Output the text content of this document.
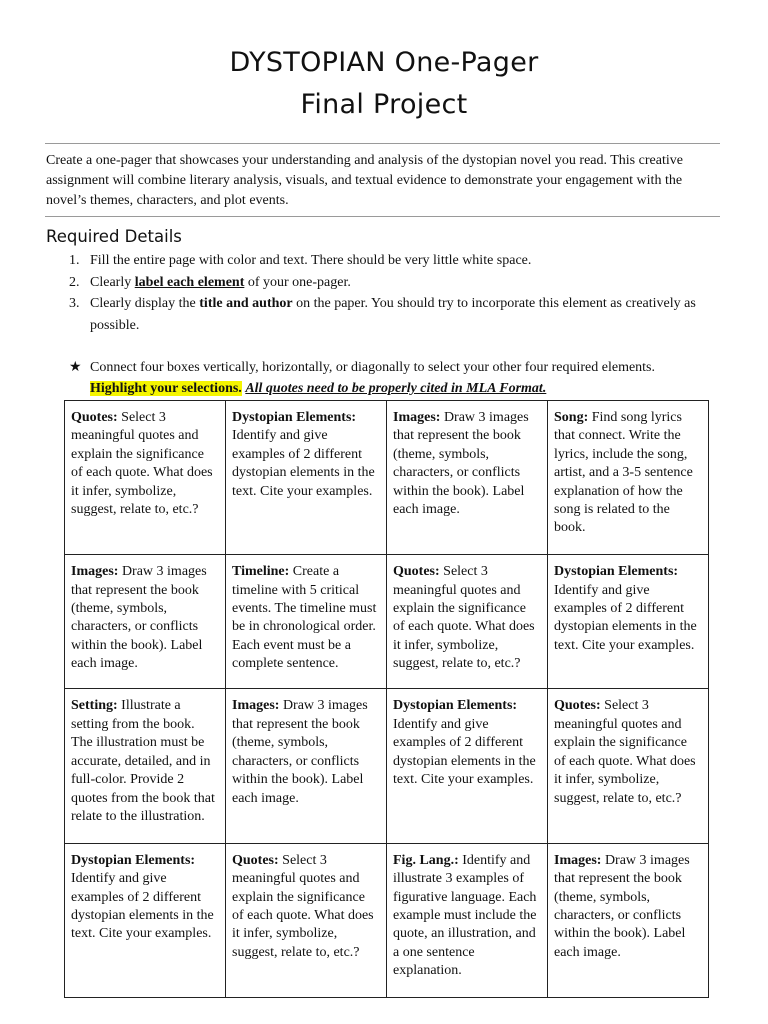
DYSTOPIAN One-Pager
Final Project
Create a one-pager that showcases your understanding and analysis of the dystopian novel you read. This creative assignment will combine literary analysis, visuals, and textual evidence to demonstrate your engagement with the novel’s themes, characters, and plot events.
Required Details
1. Fill the entire page with color and text. There should be very little white space.
2. Clearly label each element of your one-pager.
3. Clearly display the title and author on the paper. You should try to incorporate this element as creatively as possible.
★ Connect four boxes vertically, horizontally, or diagonally to select your other four required elements.
Highlight your selections. All quotes need to be properly cited in MLA Format.
Quotes: Select 3 meaningful quotes and explain the significance of each quote. What does it infer, symbolize, suggest, relate to, etc.?	Dystopian Elements: Identify and give examples of 2 different dystopian elements in the text. Cite your examples.	Images: Draw 3 images that represent the book (theme, symbols, characters, or conflicts within the book). Label each image.	Song: Find song lyrics that connect. Write the lyrics, include the song, artist, and a 3-5 sentence explanation of how the song is related to the book.
Images: Draw 3 images that represent the book (theme, symbols, characters, or conflicts within the book). Label each image.	Timeline: Create a timeline with 5 critical events. The timeline must be in chronological order. Each event must be a complete sentence.	Quotes: Select 3 meaningful quotes and explain the significance of each quote. What does it infer, symbolize, suggest, relate to, etc.?	Dystopian Elements: Identify and give examples of 2 different dystopian elements in the text. Cite your examples.
Setting: Illustrate a setting from the book. The illustration must be accurate, detailed, and in full-color. Provide 2 quotes from the book that relate to the illustration.	Images: Draw 3 images that represent the book (theme, symbols, characters, or conflicts within the book). Label each image.	Dystopian Elements: Identify and give examples of 2 different dystopian elements in the text. Cite your examples.	Quotes: Select 3 meaningful quotes and explain the significance of each quote. What does it infer, symbolize, suggest, relate to, etc.?
Dystopian Elements: Identify and give examples of 2 different dystopian elements in the text. Cite your examples.	Quotes: Select 3 meaningful quotes and explain the significance of each quote. What does it infer, symbolize, suggest, relate to, etc.?	Fig. Lang.: Identify and illustrate 3 examples of figurative language. Each example must include the quote, an illustration, and a one sentence explanation.	Images: Draw 3 images that represent the book (theme, symbols, characters, or conflicts within the book). Label each image.
